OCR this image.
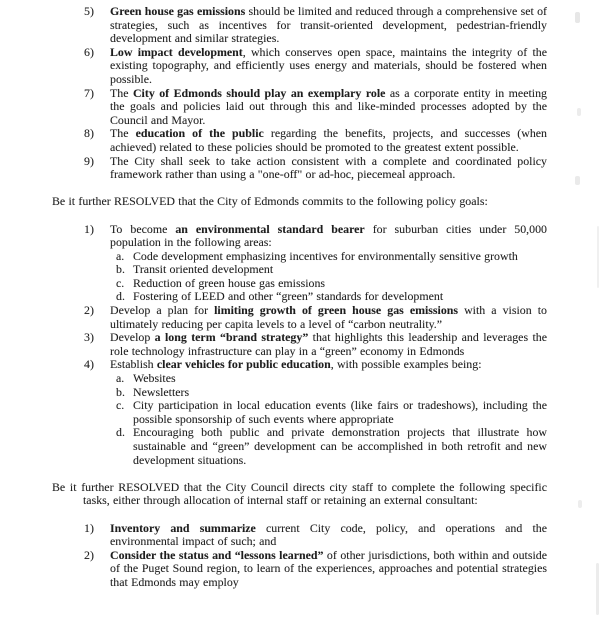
5) Green house gas emissions should be limited and reduced through a comprehensive set of strategies, such as incentives for transit-oriented development, pedestrian-friendly development and similar strategies.
6) Low impact development, which conserves open space, maintains the integrity of the existing topography, and efficiently uses energy and materials, should be fostered when possible.
7) The City of Edmonds should play an exemplary role as a corporate entity in meeting the goals and policies laid out through this and like-minded processes adopted by the Council and Mayor.
8) The education of the public regarding the benefits, projects, and successes (when achieved) related to these policies should be promoted to the greatest extent possible.
9) The City shall seek to take action consistent with a complete and coordinated policy framework rather than using a "one-off" or ad-hoc, piecemeal approach.
Be it further RESOLVED that the City of Edmonds commits to the following policy goals:
1) To become an environmental standard bearer for suburban cities under 50,000 population in the following areas:
a. Code development emphasizing incentives for environmentally sensitive growth
b. Transit oriented development
c. Reduction of green house gas emissions
d. Fostering of LEED and other “green” standards for development
2) Develop a plan for limiting growth of green house gas emissions with a vision to ultimately reducing per capita levels to a level of “carbon neutrality.”
3) Develop a long term “brand strategy” that highlights this leadership and leverages the role technology infrastructure can play in a “green” economy in Edmonds
4) Establish clear vehicles for public education, with possible examples being:
a. Websites
b. Newsletters
c. City participation in local education events (like fairs or tradeshows), including the possible sponsorship of such events where appropriate
d. Encouraging both public and private demonstration projects that illustrate how sustainable and “green” development can be accomplished in both retrofit and new development situations.
Be it further RESOLVED that the City Council directs city staff to complete the following specific tasks, either through allocation of internal staff or retaining an external consultant:
1) Inventory and summarize current City code, policy, and operations and the environmental impact of such; and
2) Consider the status and “lessons learned” of other jurisdictions, both within and outside of the Puget Sound region, to learn of the experiences, approaches and potential strategies that Edmonds may employ
